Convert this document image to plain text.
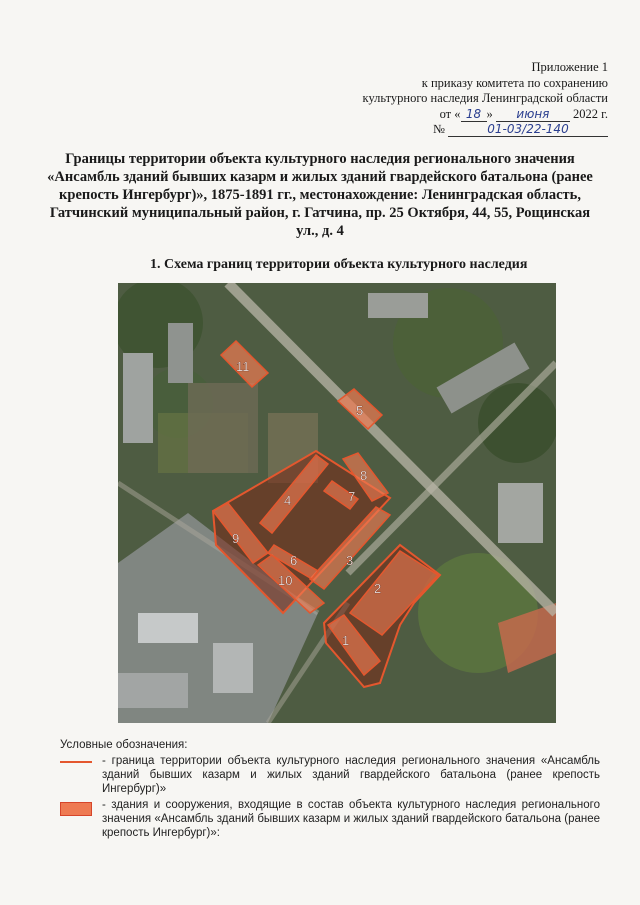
Приложение 1
к приказу комитета по сохранению
культурного наследия Ленинградской области
от « 18 » июня 2022 г.
№	01-03/22-140
Границы территории объекта культурного наследия регионального значения «Ансамбль зданий бывших казарм и жилых зданий гвардейского батальона (ранее крепость Ингербург)», 1875-1891 гг., местонахождение: Ленинградская область, Гатчинский муниципальный район, г. Гатчина, пр. 25 Октября, 44, 55, Рощинская ул., д. 4
1. Схема границ территории объекта культурного наследия
1
2
3
4
5
6
7
8
9
10
11
Условные обозначения:
- граница территории объекта культурного наследия регионального значения «Ансамбль зданий бывших казарм и жилых зданий гвардейского батальона (ранее крепость Ингербург)»
- здания и сооружения, входящие в состав объекта культурного наследия регионального значения «Ансамбль зданий бывших казарм и жилых зданий гвардейского батальона (ранее крепость Ингербург)»:
